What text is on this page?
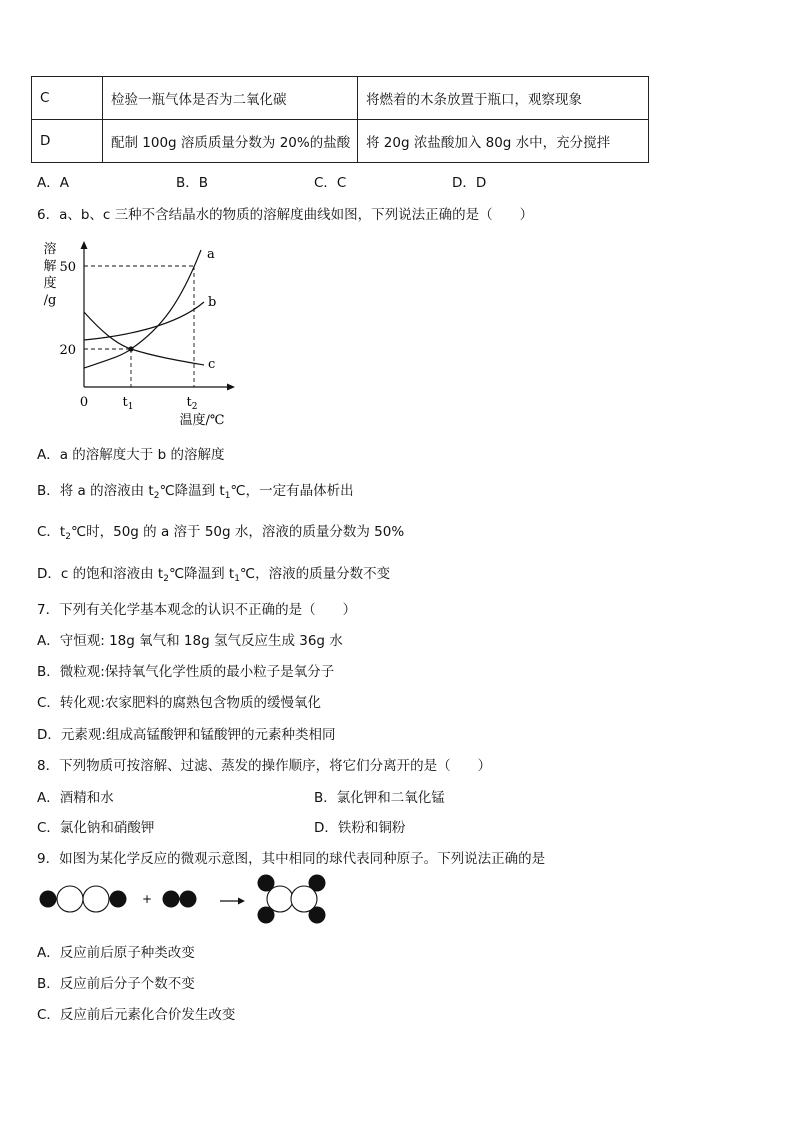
C	检验一瓶气体是否为二氧化碳	将燃着的木条放置于瓶口，观察现象
D	配制 100g 溶质质量分数为 20%的盐酸	将 20g 浓盐酸加入 80g 水中，充分搅拌
A．A	B．B	C．C	D．D
6．a、b、c 三种不含结晶水的物质的溶解度曲线如图，下列说法正确的是（　　）
溶
解
度
/g
a
b
c
50
20
0	$t_1$	$t_2$
温度/℃
A．a 的溶解度大于 b 的溶解度
B．将 a 的溶液由 $t_2℃$降温到 $t_1℃$，一定有晶体析出
C．$t_2℃$时，50g 的 a 溶于 50g 水，溶液的质量分数为 50%
D．c 的饱和溶液由 $t_2℃$降温到 $t_1℃$，溶液的质量分数不变
7．下列有关化学基本观念的认识不正确的是（　　）
A．守恒观: 18g 氧气和 18g 氢气反应生成 36g 水
B．微粒观:保持氧气化学性质的最小粒子是氧分子
C．转化观:农家肥料的腐熟包含物质的缓慢氧化
D．元素观:组成高锰酸钾和锰酸钾的元素种类相同
8．下列物质可按溶解、过滤、蒸发的操作顺序，将它们分离开的是（　　）
A．酒精和水	B．氯化钾和二氧化锰
C．氯化钠和硝酸钾	D．铁粉和铜粉
9．如图为某化学反应的微观示意图，其中相同的球代表同种原子。下列说法正确的是
+
A．反应前后原子种类改变
B．反应前后分子个数不变
C．反应前后元素化合价发生改变
